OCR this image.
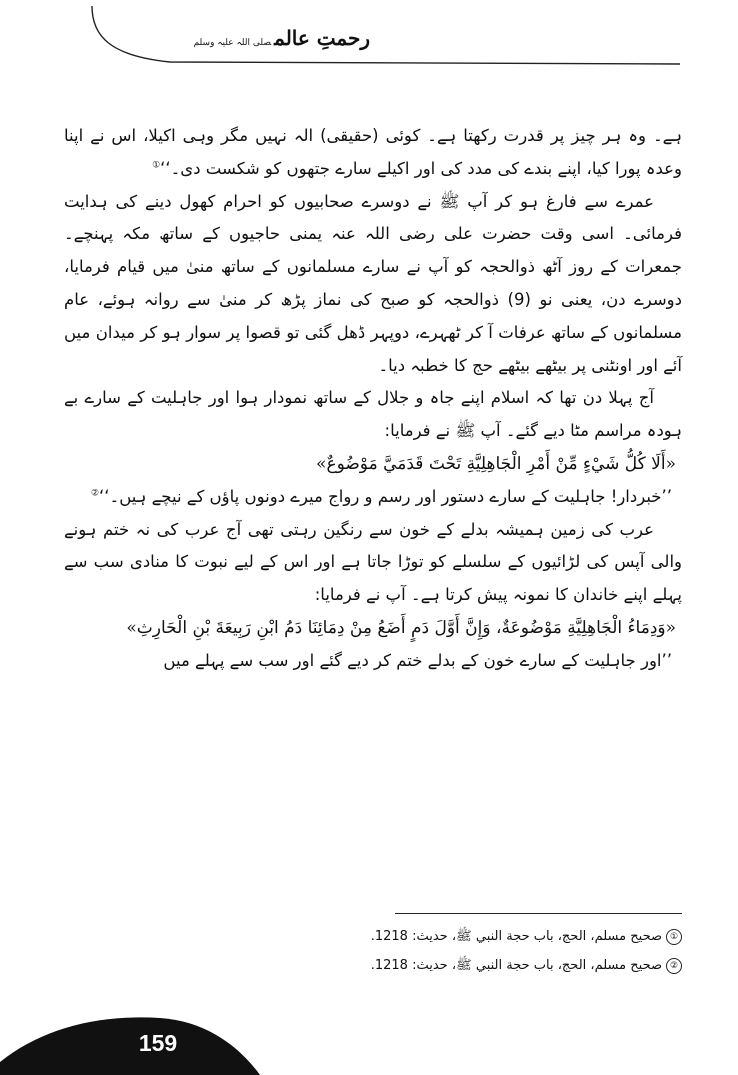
رحمتِ عالمصلی اللہ علیہ وسلم

ہے۔ وہ ہر چیز پر قدرت رکھتا ہے۔ کوئی (حقیقی) الہ نہیں مگر وہی اکیلا، اس نے اپنا وعدہ پورا کیا، اپنے بندے کی مدد کی اور اکیلے سارے جتھوں کو شکست دی۔‘‘①

عمرے سے فارغ ہو کر آپ ﷺ نے دوسرے صحابیوں کو احرام کھول دینے کی ہدایت فرمائی۔ اسی وقت حضرت علی رضی اللہ عنہ یمنی حاجیوں کے ساتھ مکہ پہنچے۔ جمعرات کے روز آٹھ ذوالحجہ کو آپ نے سارے مسلمانوں کے ساتھ منیٰ میں قیام فرمایا، دوسرے دن، یعنی نو (9) ذوالحجہ کو صبح کی نماز پڑھ کر منیٰ سے روانہ ہوئے، عام مسلمانوں کے ساتھ عرفات آ کر ٹھہرے، دوپہر ڈھل گئی تو قصوا پر سوار ہو کر میدان میں آئے اور اونٹنی پر بیٹھے بیٹھے حج کا خطبہ دیا۔

آج پہلا دن تھا کہ اسلام اپنے جاہ و جلال کے ساتھ نمودار ہوا اور جاہلیت کے سارے بے ہودہ مراسم مٹا دیے گئے۔ آپ ﷺ نے فرمایا:

«أَلَا كُلُّ شَيْءٍ مِّنْ أَمْرِ الْجَاهِلِيَّةِ تَحْتَ قَدَمَيَّ مَوْضُوعٌ»

’’خبردار! جاہلیت کے سارے دستور اور رسم و رواج میرے دونوں پاؤں کے نیچے ہیں۔‘‘②

عرب کی زمین ہمیشہ بدلے کے خون سے رنگین رہتی تھی آج عرب کی نہ ختم ہونے والی آپس کی لڑائیوں کے سلسلے کو توڑا جاتا ہے اور اس کے لیے نبوت کا منادی سب سے پہلے اپنے خاندان کا نمونہ پیش کرتا ہے۔ آپ نے فرمایا:

«وَدِمَاءُ الْجَاهِلِيَّةِ مَوْضُوعَةٌ، وَإِنَّ أَوَّلَ دَمٍ أَضَعُ مِنْ دِمَائِنَا دَمُ ابْنِ رَبِيعَةَ بْنِ الْحَارِثِ»

’’اور جاہلیت کے سارے خون کے بدلے ختم کر دیے گئے اور سب سے پہلے میں

①صحيح مسلم، الحج، باب حجة النبي ﷺ، حديث: 1218.
②صحيح مسلم، الحج، باب حجة النبي ﷺ، حديث: 1218.
159
